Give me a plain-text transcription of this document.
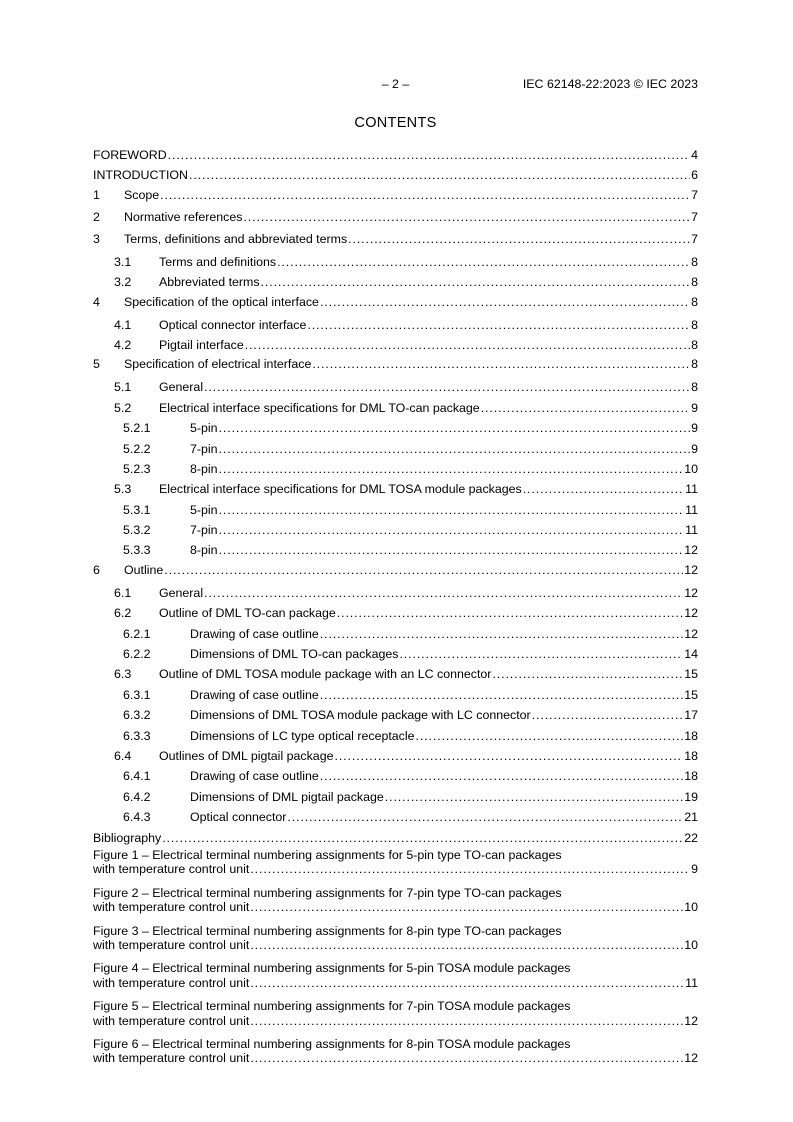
– 2 –	IEC 62148-22:2023 © IEC 2023
CONTENTS
FOREWORD .....	4
INTRODUCTION .....	6
1	Scope .....	7
2	Normative references .....	7
3	Terms, definitions and abbreviated terms .....	7
3.1	Terms and definitions .....	8
3.2	Abbreviated terms .....	8
4	Specification of the optical interface .....	8
4.1	Optical connector interface .....	8
4.2	Pigtail interface .....	8
5	Specification of electrical interface .....	8
5.1	General .....	8
5.2	Electrical interface specifications for DML TO-can package .....	9
5.2.1	5-pin .....	9
5.2.2	7-pin .....	9
5.2.3	8-pin .....	10
5.3	Electrical interface specifications for DML TOSA module packages .....	11
5.3.1	5-pin .....	11
5.3.2	7-pin .....	11
5.3.3	8-pin .....	12
6	Outline .....	12
6.1	General .....	12
6.2	Outline of DML TO-can package .....	12
6.2.1	Drawing of case outline .....	12
6.2.2	Dimensions of DML TO-can packages .....	14
6.3	Outline of DML TOSA module package with an LC connector .....	15
6.3.1	Drawing of case outline .....	15
6.3.2	Dimensions of DML TOSA module package with LC connector .....	17
6.3.3	Dimensions of LC type optical receptacle .....	18
6.4	Outlines of DML pigtail package .....	18
6.4.1	Drawing of case outline .....	18
6.4.2	Dimensions of DML pigtail package .....	19
6.4.3	Optical connector .....	21
Bibliography .....	22
Figure 1 – Electrical terminal numbering assignments for 5-pin type TO-can packages
with temperature control unit .....	9
Figure 2 – Electrical terminal numbering assignments for 7-pin type TO-can packages
with temperature control unit .....	10
Figure 3 – Electrical terminal numbering assignments for 8-pin type TO-can packages
with temperature control unit .....	10
Figure 4 – Electrical terminal numbering assignments for 5-pin TOSA module packages
with temperature control unit .....	11
Figure 5 – Electrical terminal numbering assignments for 7-pin TOSA module packages
with temperature control unit .....	12
Figure 6 – Electrical terminal numbering assignments for 8-pin TOSA module packages
with temperature control unit .....	12
